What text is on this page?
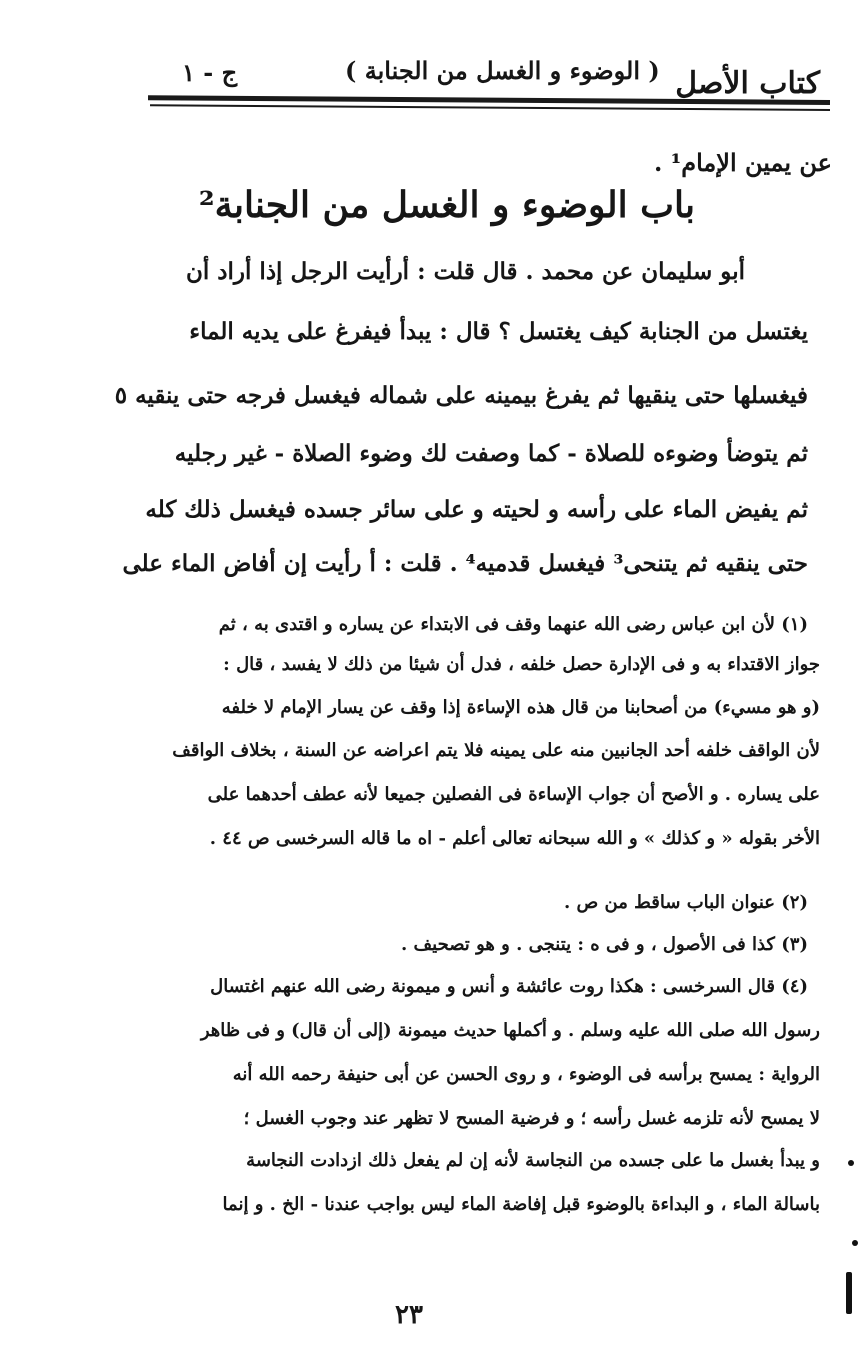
كتاب الأصل
( الوضوء و الغسل من الجنابة )
ج - ١
عن يمين الإمام¹ .
باب الوضوء و الغسل من الجنابة²
أبو سليمان عن محمد . قال قلت : أرأيت الرجل إذا أراد أن
يغتسل من الجنابة كيف يغتسل ؟ قال : يبدأ فيفرغ على يديه الماء
فيغسلها حتى ينقيها ثم يفرغ بيمينه على شماله فيغسل فرجه حتى ينقيه ٥
ثم يتوضأ وضوءه للصلاة - كما وصفت لك وضوء الصلاة - غير رجليه
ثم يفيض الماء على رأسه و لحيته و على سائر جسده فيغسل ذلك كله
حتى ينقيه ثم يتنحى³ فيغسل قدميه⁴ . قلت : أ رأيت إن أفاض الماء على
(١) لأن ابن عباس رضى الله عنهما وقف فى الابتداء عن يساره و اقتدى به ، ثم
جواز الاقتداء به و فى الإدارة حصل خلفه ، فدل أن شيئا من ذلك لا يفسد ، قال :
(و هو مسيء) من أصحابنا من قال هذه الإساءة إذا وقف عن يسار الإمام لا خلفه
لأن الواقف خلفه أحد الجانبين منه على يمينه فلا يتم اعراضه عن السنة ، بخلاف الواقف
على يساره . و الأصح أن جواب الإساءة فى الفصلين جميعا لأنه عطف أحدهما على
الأخر بقوله « و كذلك » و الله سبحانه تعالى أعلم - اه ما قاله السرخسى ص ٤٤ .
(٢) عنوان الباب ساقط من ص .
(٣) كذا فى الأصول ، و فى ه : يتنجى . و هو تصحيف .
(٤) قال السرخسى : هكذا روت عائشة و أنس و ميمونة رضى الله عنهم اغتسال
رسول الله صلى الله عليه وسلم . و أكملها حديث ميمونة (إلى أن قال) و فى ظاهر
الرواية : يمسح برأسه فى الوضوء ، و روى الحسن عن أبى حنيفة رحمه الله أنه
لا يمسح لأنه تلزمه غسل رأسه ؛ و فرضية المسح لا تظهر عند وجوب الغسل ؛
و يبدأ بغسل ما على جسده من النجاسة لأنه إن لم يفعل ذلك ازدادت النجاسة
باسالة الماء ، و البداءة بالوضوء قبل إفاضة الماء ليس بواجب عندنا - الخ . و إنما
٢٣
